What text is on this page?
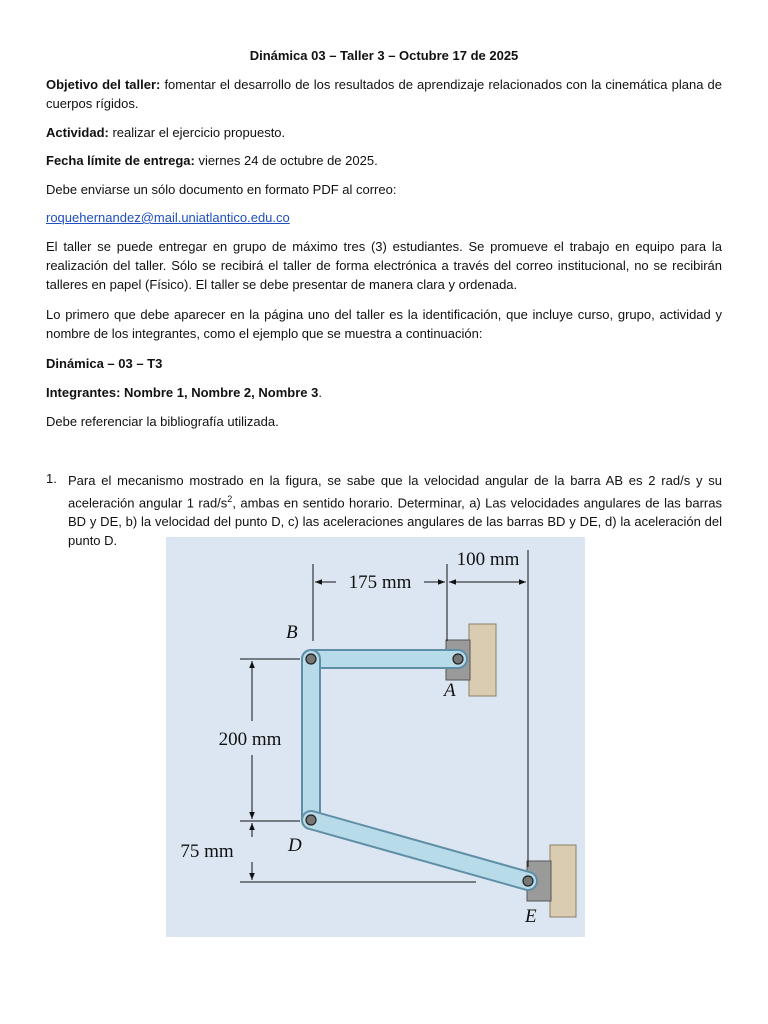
Dinámica 03 – Taller 3 – Octubre 17 de 2025

Objetivo del taller: fomentar el desarrollo de los resultados de aprendizaje relacionados con la cinemática plana de cuerpos rígidos.

Actividad: realizar el ejercicio propuesto.

Fecha límite de entrega: viernes 24 de octubre de 2025.

Debe enviarse un sólo documento en formato PDF al correo:

roquehernandez@mail.uniatlantico.edu.co

El taller se puede entregar en grupo de máximo tres (3) estudiantes. Se promueve el trabajo en equipo para la realización del taller. Sólo se recibirá el taller de forma electrónica a través del correo institucional, no se recibirán talleres en papel (Físico). El taller se debe presentar de manera clara y ordenada.

Lo primero que debe aparecer en la página uno del taller es la identificación, que incluye curso, grupo, actividad y nombre de los integrantes, como el ejemplo que se muestra a continuación:

Dinámica – 03 – T3

Integrantes: Nombre 1, Nombre 2, Nombre 3.

Debe referenciar la bibliografía utilizada.

1. Para el mecanismo mostrado en la figura, se sabe que la velocidad angular de la barra AB es 2 rad/s y su aceleración angular 1 rad/$s^2$, ambas en sentido horario. Determinar, a) Las velocidades angulares de las barras BD y DE, b) la velocidad del punto D, c) las aceleraciones angulares de las barras BD y DE, d) la aceleración del punto D.
175 mm
100 mm
200 mm
75 mm
B
A
D
E
